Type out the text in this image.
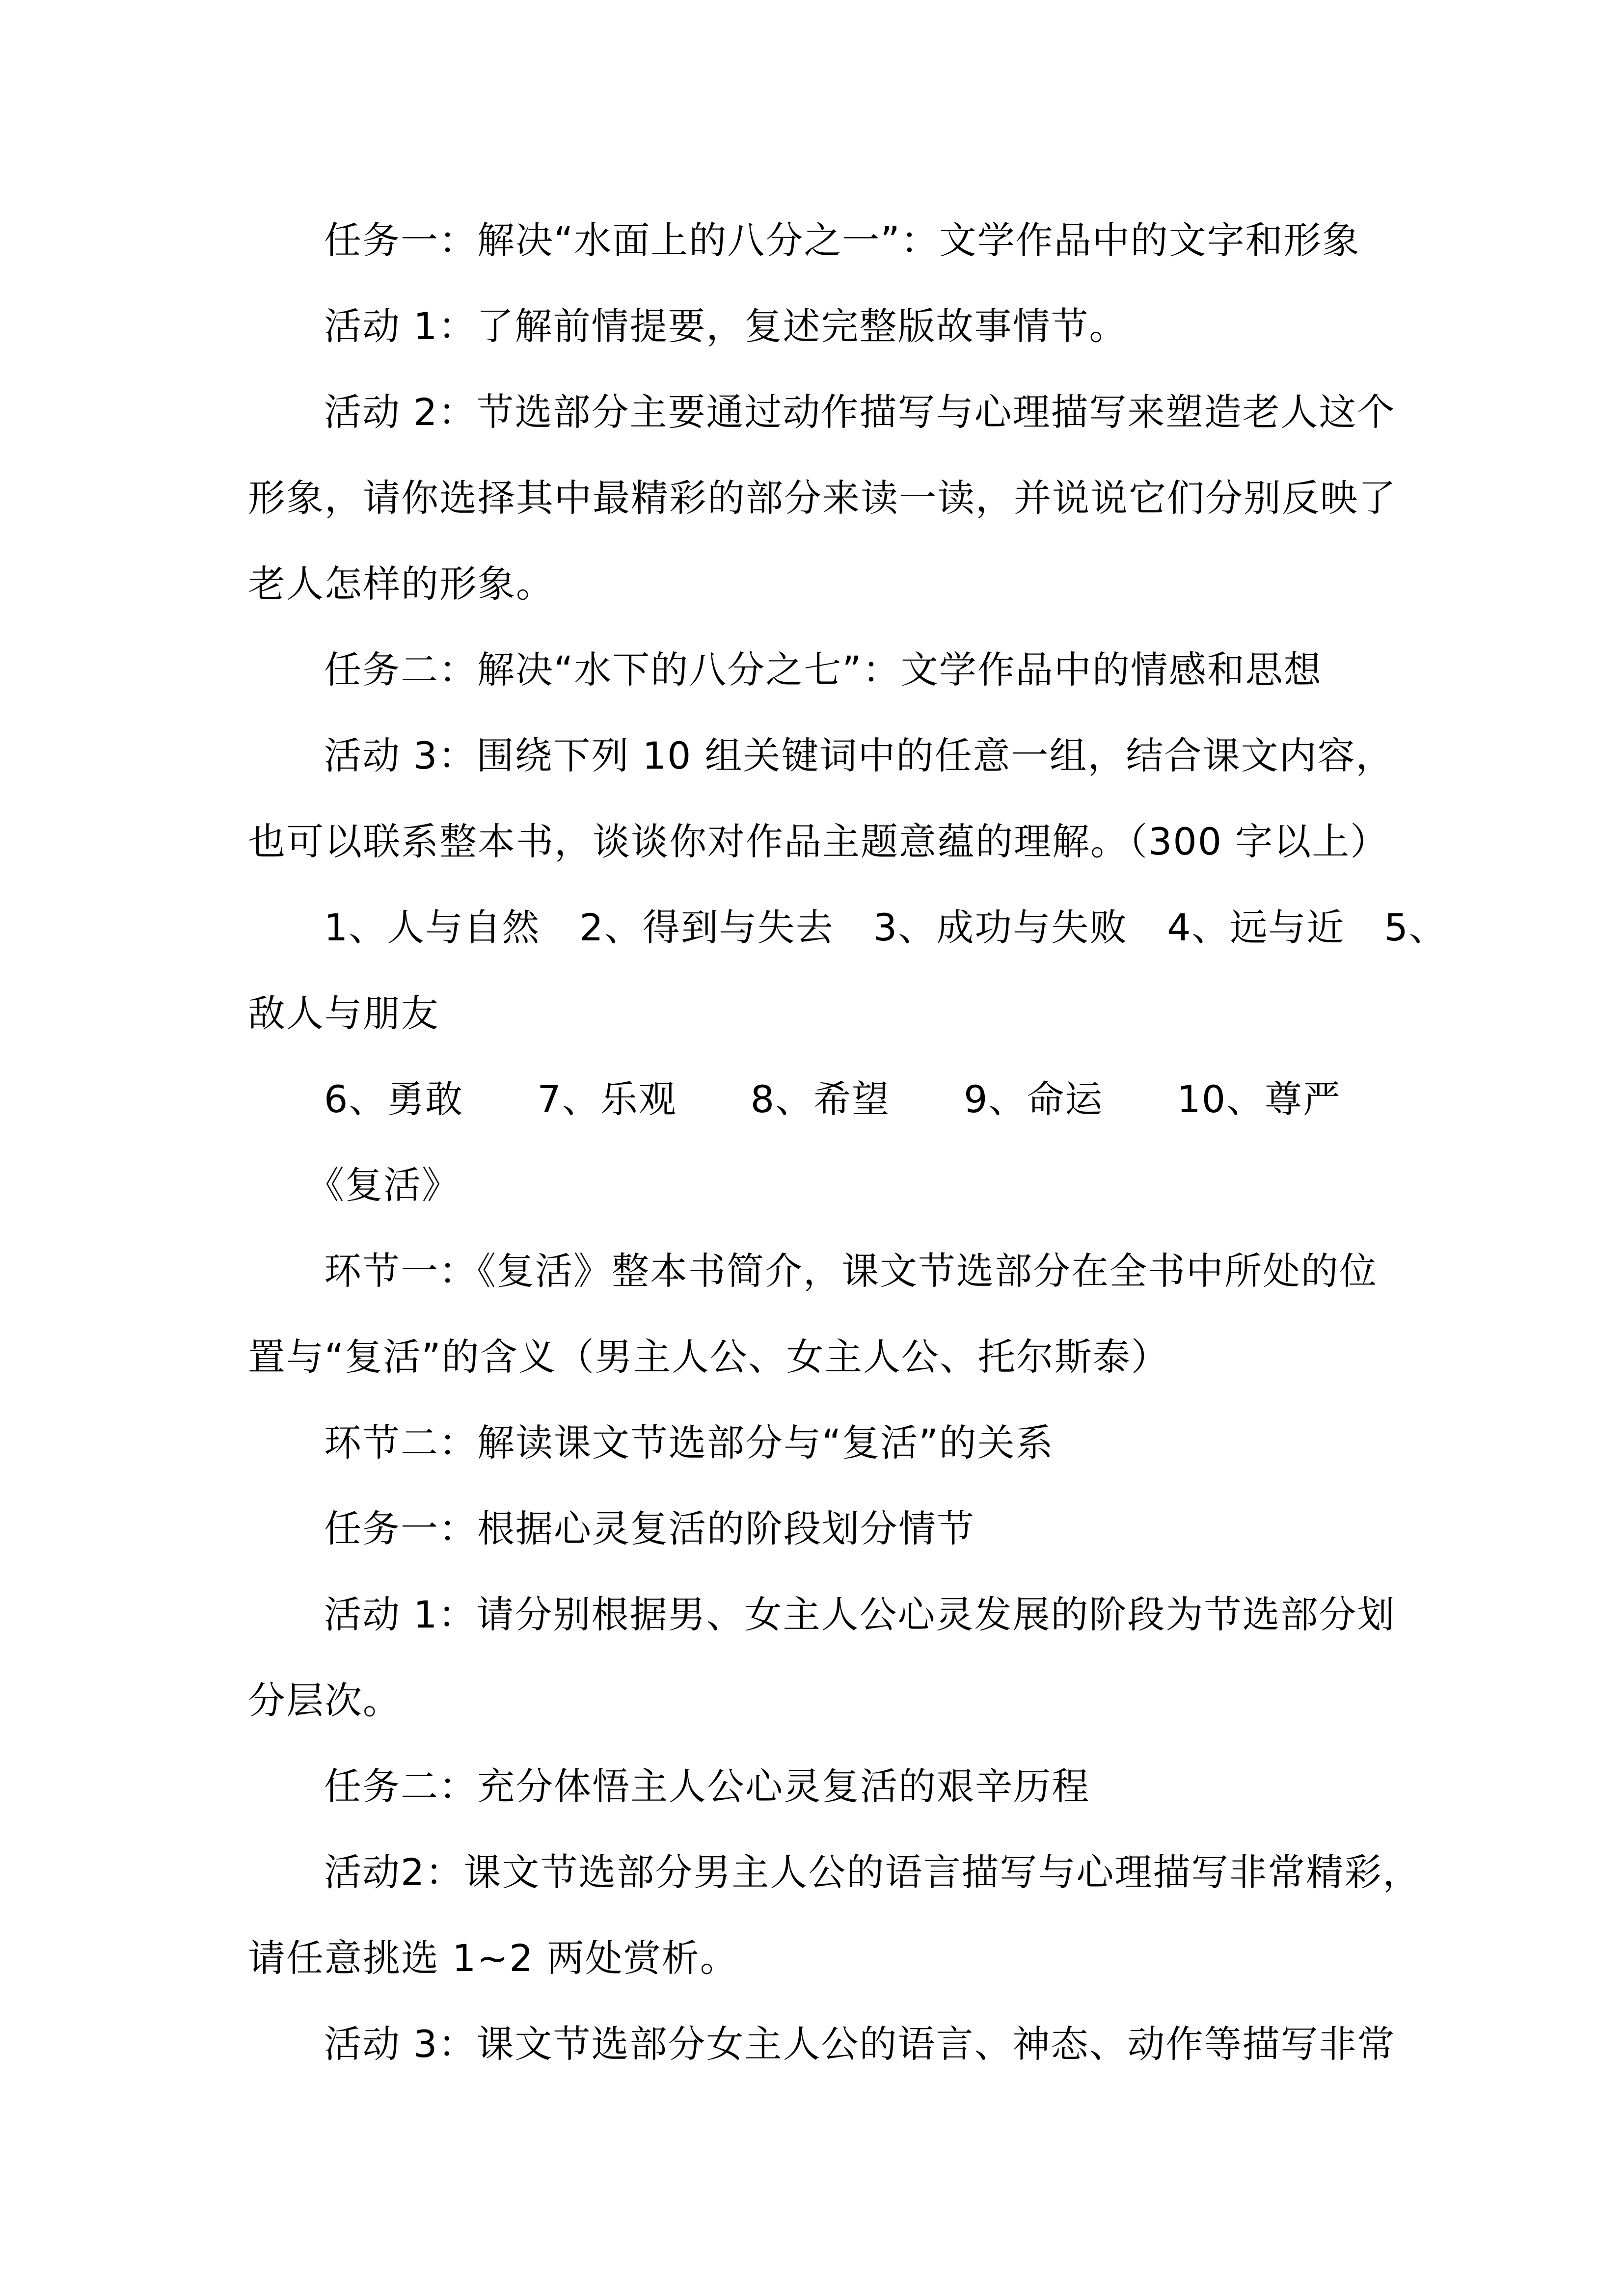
任务一：解决“水面上的八分之一”：文学作品中的文字和形象
活动 1：了解前情提要，复述完整版故事情节。
活动 2：节选部分主要通过动作描写与心理描写来塑造老人这个
形象，请你选择其中最精彩的部分来读一读，并说说它们分别反映了
老人怎样的形象。
任务二：解决“水下的八分之七”：文学作品中的情感和思想
活动 3：围绕下列 10 组关键词中的任意一组，结合课文内容，
也可以联系整本书，谈谈你对作品主题意蕴的理解。（300 字以上）
1、人与自然 2、得到与失去 3、成功与失败 4、远与近 5、
敌人与朋友
6、勇敢 7、乐观 8、希望 9、命运 10、尊严
《复活》
环节一：《复活》整本书简介，课文节选部分在全书中所处的位
置与“复活”的含义（男主人公、女主人公、托尔斯泰）
环节二：解读课文节选部分与“复活”的关系
任务一：根据心灵复活的阶段划分情节
活动 1：请分别根据男、女主人公心灵发展的阶段为节选部分划
分层次。
任务二：充分体悟主人公心灵复活的艰辛历程
活动2：课文节选部分男主人公的语言描写与心理描写非常精彩，
请任意挑选 1~2 两处赏析。
活动 3：课文节选部分女主人公的语言、神态、动作等描写非常
